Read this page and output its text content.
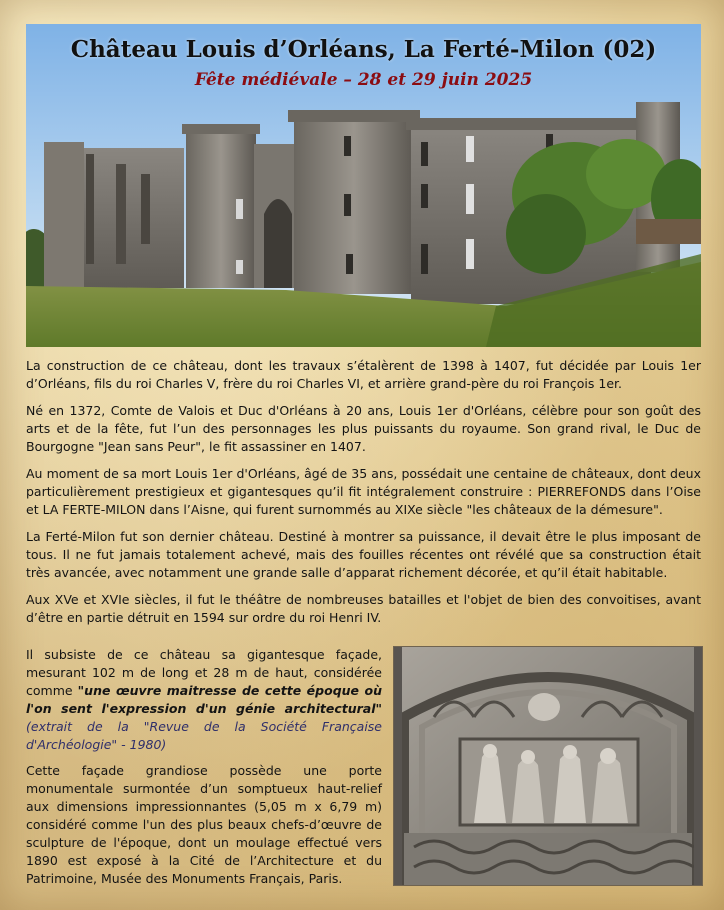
Château Louis d’Orléans, La Ferté-Milon (02)
Fête médiévale – 28 et 29 juin 2025

La construction de ce château, dont les travaux s’étalèrent de 1398 à 1407, fut décidée par Louis 1er d’Orléans, fils du roi Charles V, frère du roi Charles VI, et arrière grand-père du roi François 1er.

Né en 1372, Comte de Valois et Duc d'Orléans à 20 ans, Louis 1er d'Orléans, célèbre pour son goût des arts et de la fête, fut l’un des personnages les plus puissants du royaume. Son grand rival, le Duc de Bourgogne "Jean sans Peur", le fit assassiner en 1407.

Au moment de sa mort Louis 1er d'Orléans, âgé de 35 ans, possédait une centaine de châteaux, dont deux particulièrement prestigieux et gigantesques qu’il fit intégralement construire : PIERREFONDS dans l’Oise et LA FERTE-MILON dans l’Aisne, qui furent surnommés au XIXe siècle "les châteaux de la démesure".

La Ferté-Milon fut son dernier château. Destiné à montrer sa puissance, il devait être le plus imposant de tous. Il ne fut jamais totalement achevé, mais des fouilles récentes ont révélé que sa construction était très avancée, avec notamment une grande salle d’apparat richement décorée, et qu’il était habitable.

Aux XVe et XVIe siècles, il fut le théâtre de nombreuses batailles et l'objet de bien des convoitises, avant d’être en partie détruit en 1594 sur ordre du roi Henri IV.

Il subsiste de ce château sa gigantesque façade, mesurant 102 m de long et 28 m de haut, considérée comme "une œuvre maitresse de cette époque où l'on sent l'expression d'un génie architectural" (extrait de la "Revue de la Société Française d'Archéologie" - 1980)

Cette façade grandiose possède une porte monumentale surmontée d’un somptueux haut-relief aux dimensions impressionnantes (5,05 m x 6,79 m) considéré comme l'un des plus beaux chefs-d’œuvre de sculpture de l'époque, dont un moulage effectué vers 1890 est exposé à la Cité de l’Architecture et du Patrimoine, Musée des Monuments Français, Paris.
